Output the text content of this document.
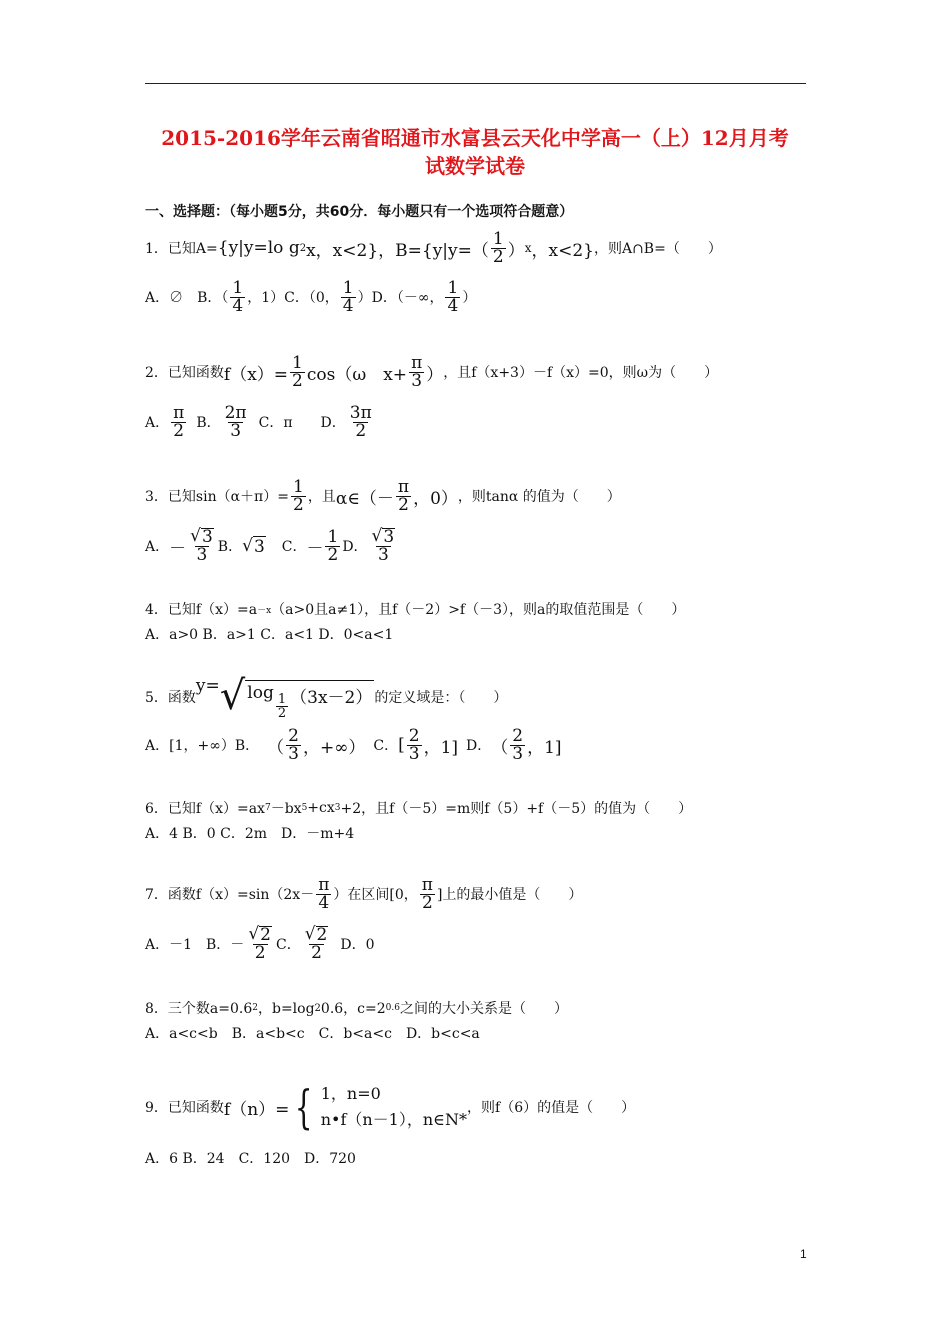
2015-2016学年云南省昭通市水富县云天化中学高一（上）12月月考
试数学试卷
一、选择题：（每小题5分，共60分．每小题只有一个选项符合题意）
1．已知A= {y|y=lo g 2 x，x<2}，$B= \{y|y=( \frac{1}{2}$ ） x ，x<2} ，则A∩B=（　　）
A．∅　B．（ $\frac{1}{4}$ ，1）C．（0， $\frac{1}{4} )D$．（－∞， $\frac{1}{4}$ ）
2．已知函数 $f(x)= \frac{1}{2} \cos(\omega$　$x+ \frac{\pi}{3}$ ） ，且f（x+3）－f（x）=0，则ω为（　　）
A． $\frac{\pi}{2}$ B． $\frac{2\pi}{3}$ C．π　　D． $\frac{3\pi}{2}$
3．已知$\sin(\alpha+\pi)= \frac{1}{2}$ ，且 α∈（－ $\frac{\pi}{2}$ ，0） ，则tanα 的值为（　　）
A． － $\frac{√ 3}{3}$ B． √ 3 C． － $\frac{1}{2}$ D． $\frac{√ 3}{3}$
4．已知f（x）=a －x （a>0且a≠1），且f（－2）>f（－3），则a的取值范围是（　　）
A．a>0 B．a>1 C．a<1 D．0<a<1
5．函数
y= √ $\log \frac{1}{2} (3x-2)$ 的定义域是：（　　）
A．[1，+∞）B． （ $\frac{2}{3}$ ，+∞） C． [ $\frac{2}{3}$ ，1] D． （ $\frac{2}{3}$ ，1]
6．已知f（x）=ax 7 －bx 5 +cx 3 +2，且f（－5）=m则f（5）+f（－5）的值为（　　）
A．4 B．0 C．2m　D．－m+4
7．函数$f(x)=\sin(2x- \frac{\pi}{4}$ ）在区间[0， $\frac{\pi}{2}$ ]上的最小值是（　　）
A．－1　B．－ $\frac{√ 2}{2}$ C． $\frac{√ 2}{2}$ D．0
8．三个数a=0.6 2 ，b=log 2 0.6，c=2 0.6 之间的大小关系是（　　）
A．a<c<b　B．a<b<c　C．b<a<c　D．b<c<a
9．已知函数 f（n）= { 1，n=0
n•f（n－1），n∈N*
，则f（6）的值是（　　）
A．6 B．24　C．120　D．720
1
